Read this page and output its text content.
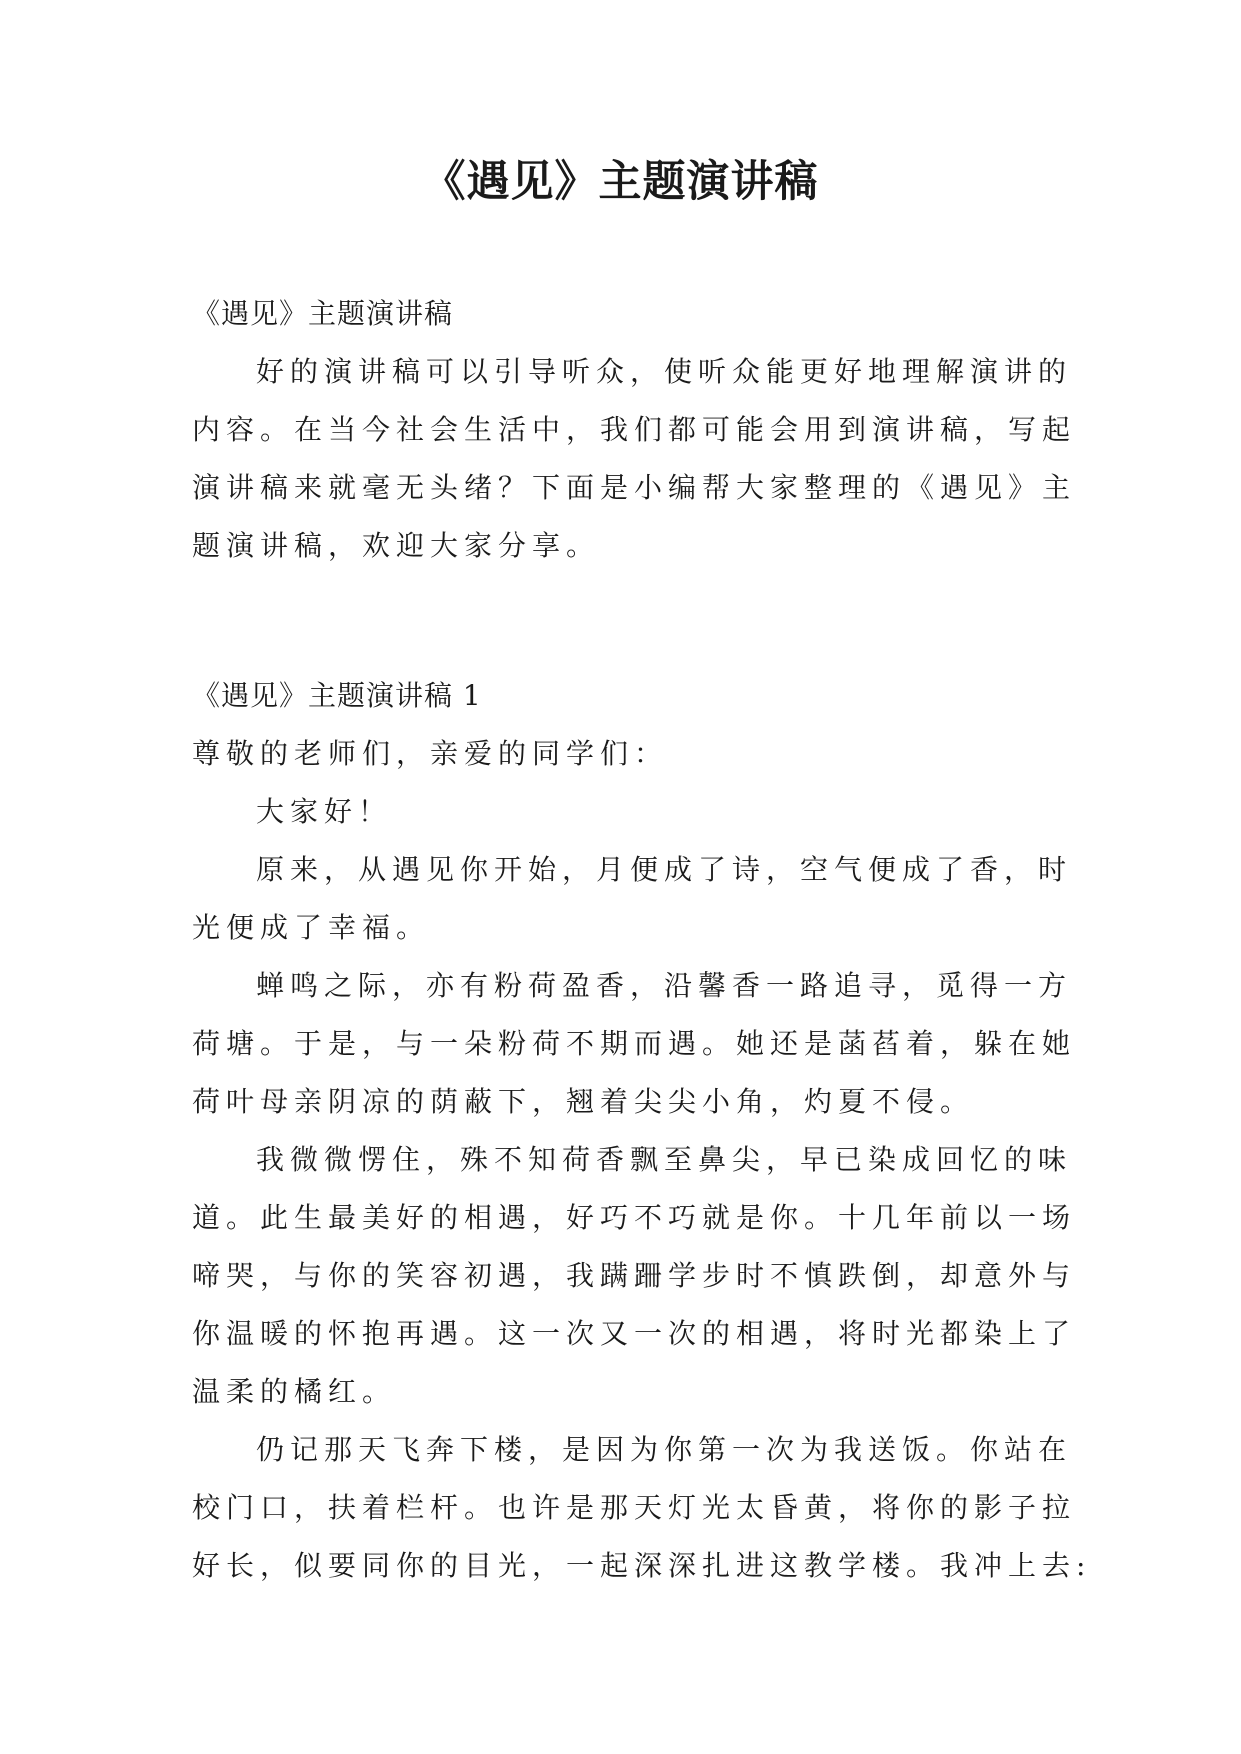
《遇见》主题演讲稿
《遇见》主题演讲稿
好的演讲稿可以引导听众，使听众能更好地理解演讲的
内容。在当今社会生活中，我们都可能会用到演讲稿，写起
演讲稿来就毫无头绪？下面是小编帮大家整理的《遇见》主
题演讲稿，欢迎大家分享。
《遇见》主题演讲稿 1
尊敬的老师们，亲爱的同学们：
大家好！
原来，从遇见你开始，月便成了诗，空气便成了香，时
光便成了幸福。
蝉鸣之际，亦有粉荷盈香，沿馨香一路追寻，觅得一方
荷塘。于是，与一朵粉荷不期而遇。她还是菡萏着，躲在她
荷叶母亲阴凉的荫蔽下，翘着尖尖小角，灼夏不侵。
我微微愣住，殊不知荷香飘至鼻尖，早已染成回忆的味
道。此生最美好的相遇，好巧不巧就是你。十几年前以一场
啼哭，与你的笑容初遇，我蹒跚学步时不慎跌倒，却意外与
你温暖的怀抱再遇。这一次又一次的相遇，将时光都染上了
温柔的橘红。
仍记那天飞奔下楼，是因为你第一次为我送饭。你站在
校门口，扶着栏杆。也许是那天灯光太昏黄，将你的影子拉
好长，似要同你的目光，一起深深扎进这教学楼。我冲上去:
